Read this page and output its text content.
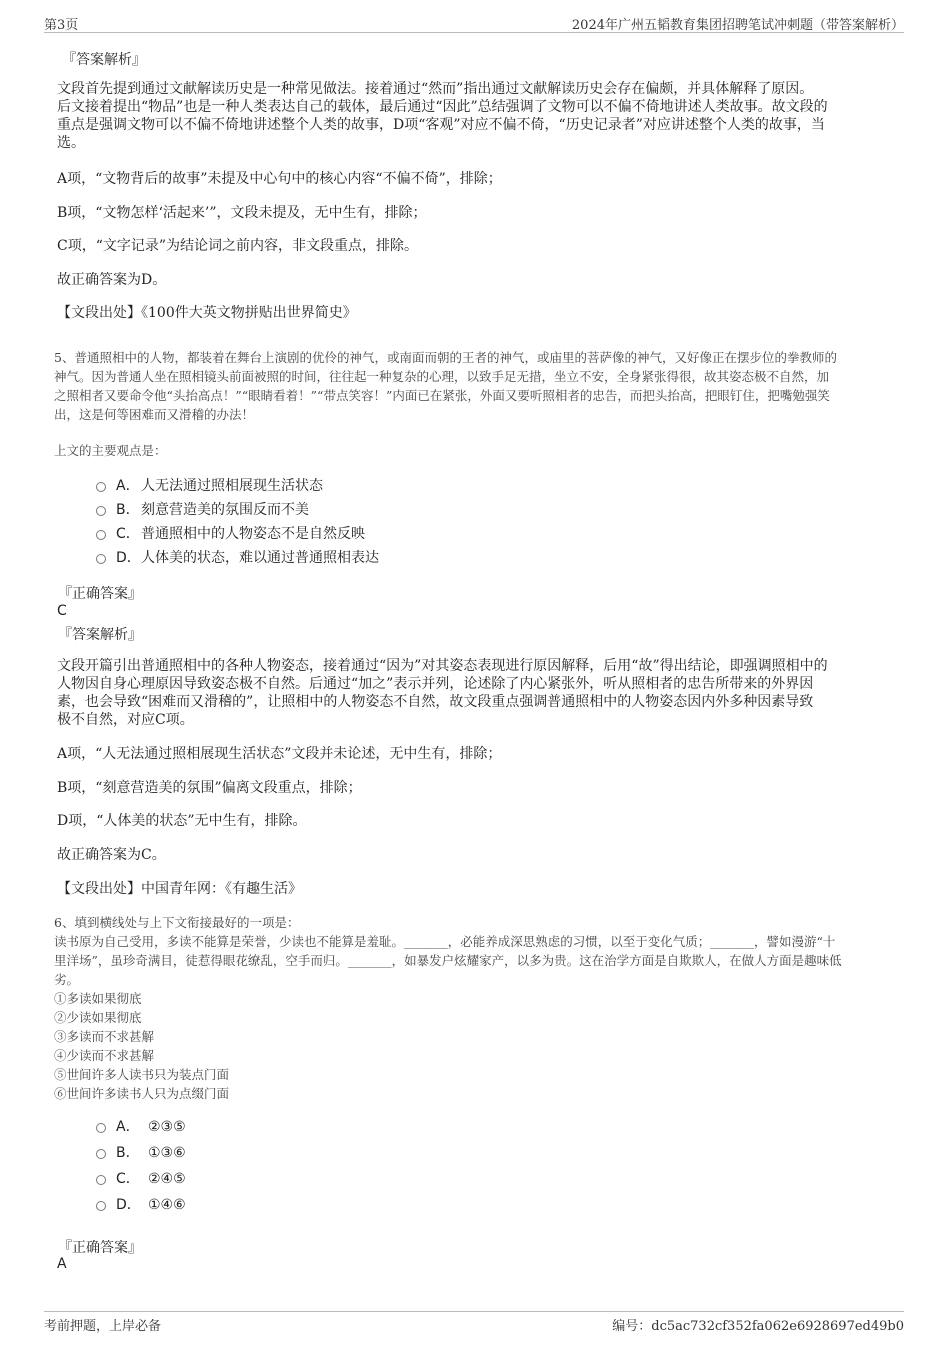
第3页	2024年广州五韬教育集团招聘笔试冲刺题（带答案解析）
『答案解析』
文段首先提到通过文献解读历史是一种常见做法。接着通过“然而”指出通过文献解读历史会存在偏颇，并具体解释了原因。
后文接着提出“物品”也是一种人类表达自己的载体，最后通过“因此”总结强调了文物可以不偏不倚地讲述人类故事。故文段的
重点是强调文物可以不偏不倚地讲述整个人类的故事，D项“客观”对应不偏不倚，“历史记录者”对应讲述整个人类的故事，当
选。
A项，“文物背后的故事”未提及中心句中的核心内容“不偏不倚”，排除；
B项，“文物怎样‘活起来’”，文段未提及，无中生有，排除；
C项，“文字记录”为结论词之前内容，非文段重点，排除。
故正确答案为D。
【文段出处】《100件大英文物拼贴出世界简史》
5、普通照相中的人物，都装着在舞台上演剧的优伶的神气，或南面而朝的王者的神气，或庙里的菩萨像的神气，又好像正在摆步位的拳教师的
神气。因为普通人坐在照相镜头前面被照的时间，往往起一种复杂的心理，以致手足无措，坐立不安，全身紧张得很，故其姿态极不自然，加
之照相者又要命令他“头抬高点！”“眼睛看着！”“带点笑容！”内面已在紧张，外面又要听照相者的忠告，而把头抬高，把眼钉住，把嘴勉强笑
出，这是何等困难而又滑稽的办法！
上文的主要观点是：
A． 人无法通过照相展现生活状态
B． 刻意营造美的氛围反而不美
C． 普通照相中的人物姿态不是自然反映
D． 人体美的状态，难以通过普通照相表达
『正确答案』
C
『答案解析』
文段开篇引出普通照相中的各种人物姿态，接着通过“因为”对其姿态表现进行原因解释，后用“故”得出结论，即强调照相中的
人物因自身心理原因导致姿态极不自然。后通过“加之”表示并列，论述除了内心紧张外，听从照相者的忠告所带来的外界因
素，也会导致“困难而又滑稽的”，让照相中的人物姿态不自然，故文段重点强调普通照相中的人物姿态因内外多种因素导致
极不自然，对应C项。
A项，“人无法通过照相展现生活状态”文段并未论述，无中生有，排除；
B项，“刻意营造美的氛围”偏离文段重点，排除；
D项，“人体美的状态”无中生有，排除。
故正确答案为C。
【文段出处】中国青年网：《有趣生活》
6、填到横线处与上下文衔接最好的一项是：
读书原为自己受用，多读不能算是荣誉，少读也不能算是羞耻。_______，必能养成深思熟虑的习惯，以至于变化气质；_______，譬如漫游“十
里洋场”，虽珍奇满目，徒惹得眼花缭乱，空手而归。_______，如暴发户炫耀家产，以多为贵。这在治学方面是自欺欺人，在做人方面是趣味低
劣。
①多读如果彻底
②少读如果彻底
③多读而不求甚解
④少读而不求甚解
⑤世间许多人读书只为装点门面
⑥世间许多读书人只为点缀门面
A． ②③⑤
B． ①③⑥
C． ②④⑤
D． ①④⑥
『正确答案』
A
考前押题，上岸必备	编号：dc5ac732cf352fa062e6928697ed49b0
